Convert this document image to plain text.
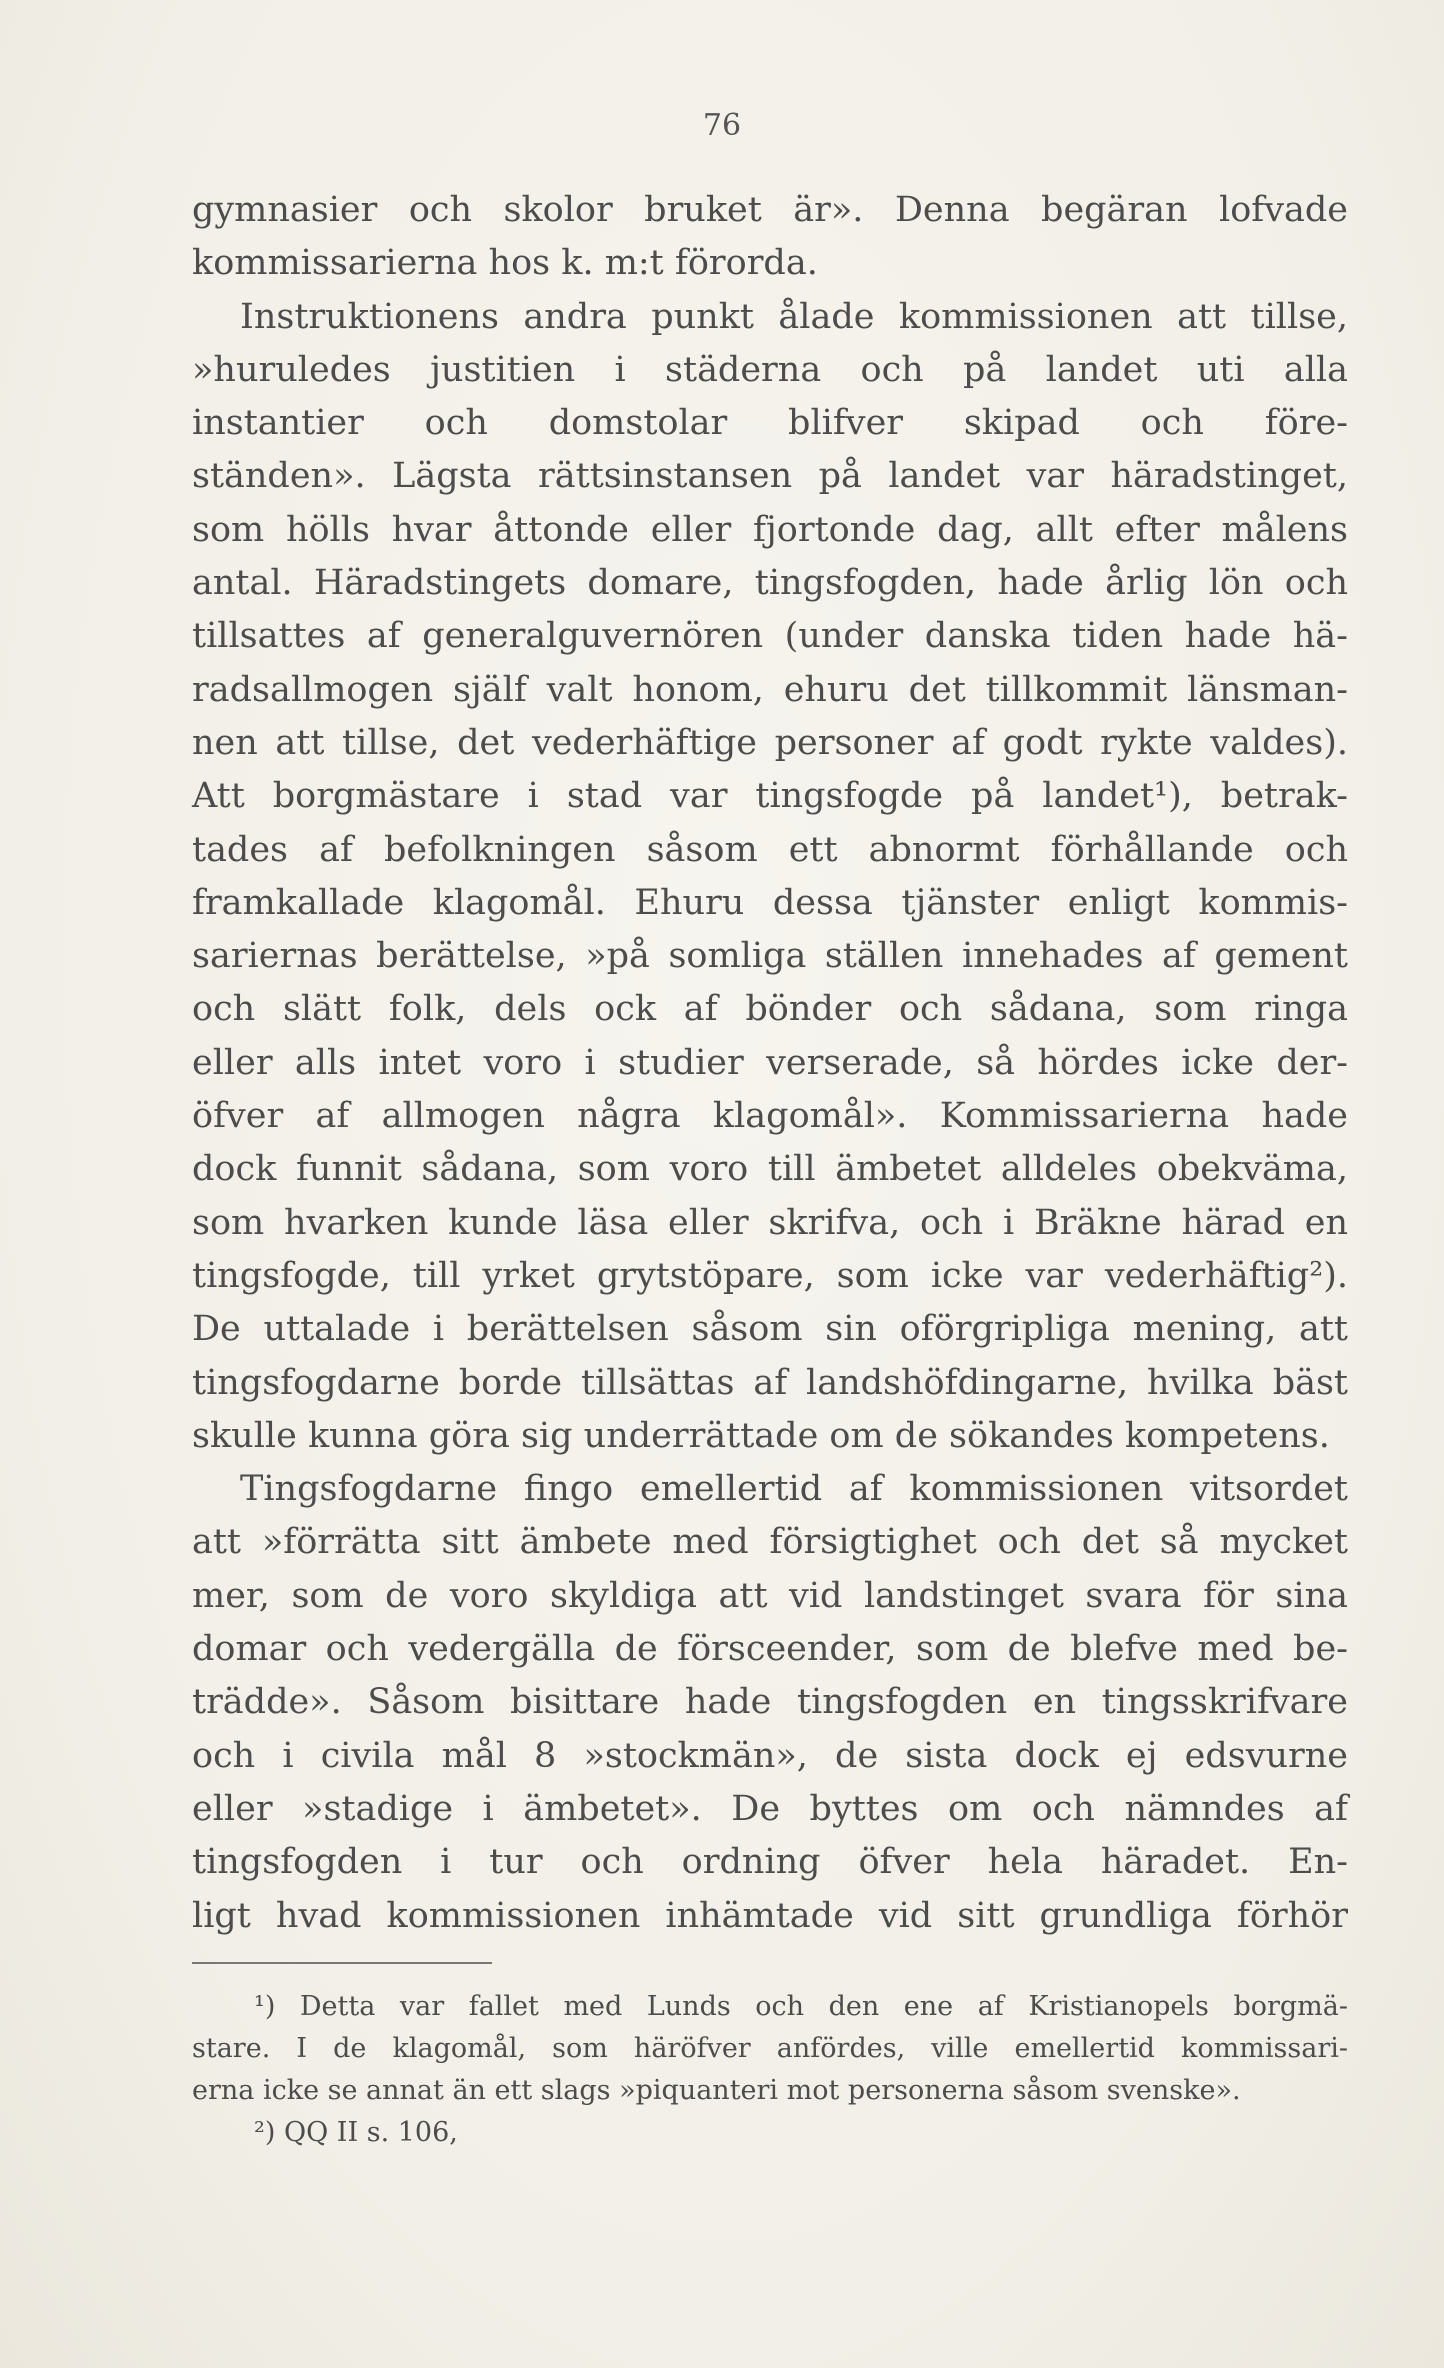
76
gymnasier och skolor bruket är». Denna begäran lofvade
kommissarierna hos k. m:t förorda.
Instruktionens andra punkt ålade kommissionen att tillse,
»huruledes justitien i städerna och på landet uti alla
instantier och domstolar blifver skipad och före-
ständen». Lägsta rättsinstansen på landet var häradstinget,
som hölls hvar åttonde eller fjortonde dag, allt efter målens
antal. Häradstingets domare, tingsfogden, hade årlig lön och
tillsattes af generalguvernören (under danska tiden hade hä-
radsallmogen själf valt honom, ehuru det tillkommit länsman-
nen att tillse, det vederhäftige personer af godt rykte valdes).
Att borgmästare i stad var tingsfogde på landet¹), betrak-
tades af befolkningen såsom ett abnormt förhållande och
framkallade klagomål. Ehuru dessa tjänster enligt kommis-
sariernas berättelse, »på somliga ställen innehades af gement
och slätt folk, dels ock af bönder och sådana, som ringa
eller alls intet voro i studier verserade, så hördes icke der-
öfver af allmogen några klagomål». Kommissarierna hade
dock funnit sådana, som voro till ämbetet alldeles obekväma,
som hvarken kunde läsa eller skrifva, och i Bräkne härad en
tingsfogde, till yrket grytstöpare, som icke var vederhäftig²).
De uttalade i berättelsen såsom sin oförgripliga mening, att
tingsfogdarne borde tillsättas af landshöfdingarne, hvilka bäst
skulle kunna göra sig underrättade om de sökandes kompetens.
Tingsfogdarne fingo emellertid af kommissionen vitsordet
att »förrätta sitt ämbete med försigtighet och det så mycket
mer, som de voro skyldiga att vid landstinget svara för sina
domar och vedergälla de försceender, som de blefve med be-
trädde». Såsom bisittare hade tingsfogden en tingsskrifvare
och i civila mål 8 »stockmän», de sista dock ej edsvurne
eller »stadige i ämbetet». De byttes om och nämndes af
tingsfogden i tur och ordning öfver hela häradet. En-
ligt hvad kommissionen inhämtade vid sitt grundliga förhör
¹) Detta var fallet med Lunds och den ene af Kristianopels borgmä-
stare. I de klagomål, som häröfver anfördes, ville emellertid kommissari-
erna icke se annat än ett slags »piquanteri mot personerna såsom svenske».
²) QQ II s. 106,
